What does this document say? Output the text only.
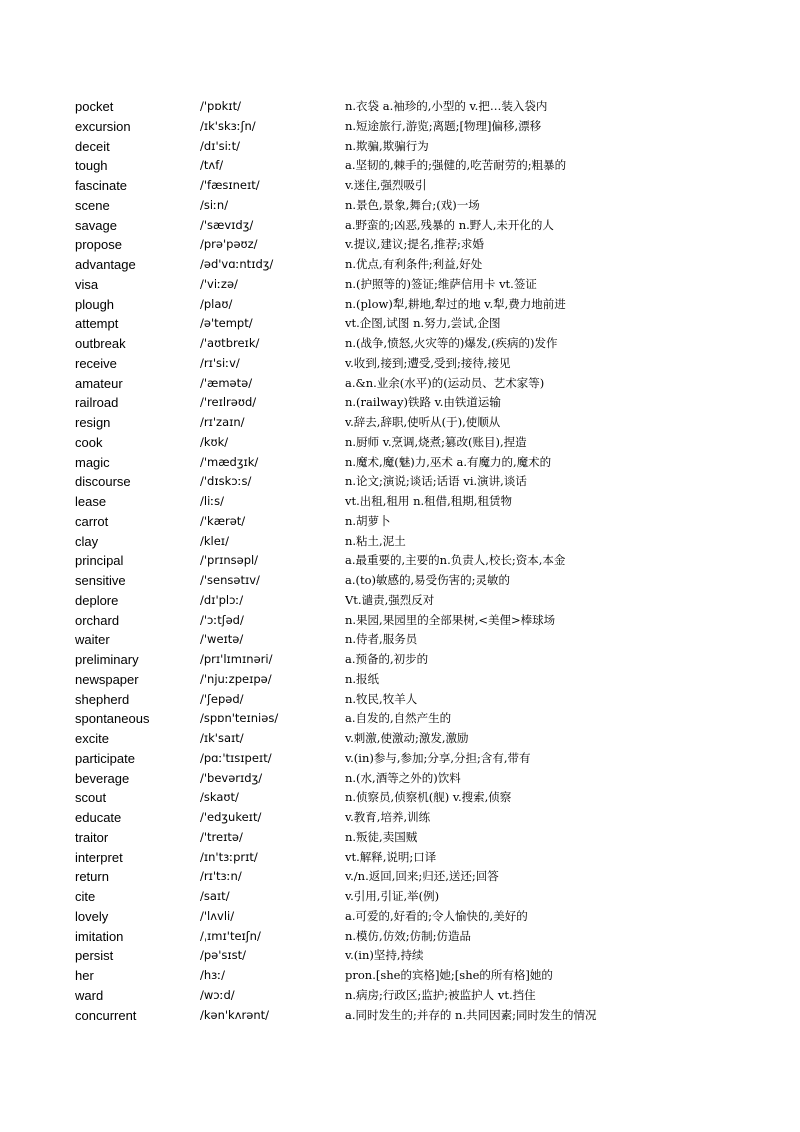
pocket	/'pɒkɪt/	n.衣袋 a.袖珍的,小型的 v.把…装入袋内
excursion	/ɪk'skɜːʃn/	n.短途旅行,游览;离题;[物理]偏移,漂移
deceit	/dɪ'siːt/	n.欺骗,欺骗行为
tough	/tʌf/	a.坚韧的,棘手的;强健的,吃苦耐劳的;粗暴的
fascinate	/'fæsɪneɪt/	v.迷住,强烈吸引
scene	/siːn/	n.景色,景象,舞台;(戏)一场
savage	/'sævɪdʒ/	a.野蛮的;凶恶,残暴的 n.野人,未开化的人
propose	/prə'pəʊz/	v.提议,建议;提名,推荐;求婚
advantage	/əd'vɑːntɪdʒ/	n.优点,有利条件;利益,好处
visa	/'viːzə/	n.(护照等的)签证;维萨信用卡 vt.签证
plough	/plaʊ/	n.(plow)犁,耕地,犁过的地 v.犁,费力地前进
attempt	/ə'tempt/	vt.企图,试图 n.努力,尝试,企图
outbreak	/'aʊtbreɪk/	n.(战争,愤怒,火灾等的)爆发,(疾病的)发作
receive	/rɪ'siːv/	v.收到,接到;遭受,受到;接待,接见
amateur	/'æmətə/	a.&n.业余(水平)的(运动员、艺术家等)
railroad	/'reɪlrəʊd/	n.(railway)铁路 v.由铁道运输
resign	/rɪ'zaɪn/	v.辞去,辞职,使听从(于),使顺从
cook	/kʊk/	n.厨师 v.烹调,烧煮;篡改(账目),捏造
magic	/'mædʒɪk/	n.魔术,魔(魅)力,巫术 a.有魔力的,魔术的
discourse	/'dɪskɔːs/	n.论文;演说;谈话;话语 vi.演讲,谈话
lease	/liːs/	vt.出租,租用 n.租借,租期,租赁物
carrot	/'kærət/	n.胡萝卜
clay	/kleɪ/	n.粘土,泥土
principal	/'prɪnsəpl/	a.最重要的,主要的n.负责人,校长;资本,本金
sensitive	/'sensətɪv/	a.(to)敏感的,易受伤害的;灵敏的
deplore	/dɪ'plɔː/	Vt.谴责,强烈反对
orchard	/'ɔːtʃəd/	n.果园,果园里的全部果树,<美俚>棒球场
waiter	/'weɪtə/	n.侍者,服务员
preliminary	/prɪ'lɪmɪnəri/	a.预备的,初步的
newspaper	/'njuːzpeɪpə/	n.报纸
shepherd	/'ʃepəd/	n.牧民,牧羊人
spontaneous	/spɒn'teɪniəs/	a.自发的,自然产生的
excite	/ɪk'saɪt/	v.刺激,使激动;激发,激励
participate	/pɑː'tɪsɪpeɪt/	v.(in)参与,参加;分享,分担;含有,带有
beverage	/'bevərɪdʒ/	n.(水,酒等之外的)饮料
scout	/skaʊt/	n.侦察员,侦察机(舰) v.搜索,侦察
educate	/'edʒukeɪt/	v.教育,培养,训练
traitor	/'treɪtə/	n.叛徒,卖国贼
interpret	/ɪn'tɜːprɪt/	vt.解释,说明;口译
return	/rɪ'tɜːn/	v./n.返回,回来;归还,送还;回答
cite	/saɪt/	v.引用,引证,举(例)
lovely	/'lʌvli/	a.可爱的,好看的;令人愉快的,美好的
imitation	/ˌɪmɪ'teɪʃn/	n.模仿,仿效;仿制;仿造品
persist	/pə'sɪst/	v.(in)坚持,持续
her	/hɜː/	pron.[she的宾格]她;[she的所有格]她的
ward	/wɔːd/	n.病房;行政区;监护;被监护人 vt.挡住
concurrent	/kən'kʌrənt/	a.同时发生的;并存的 n.共同因素;同时发生的情况
